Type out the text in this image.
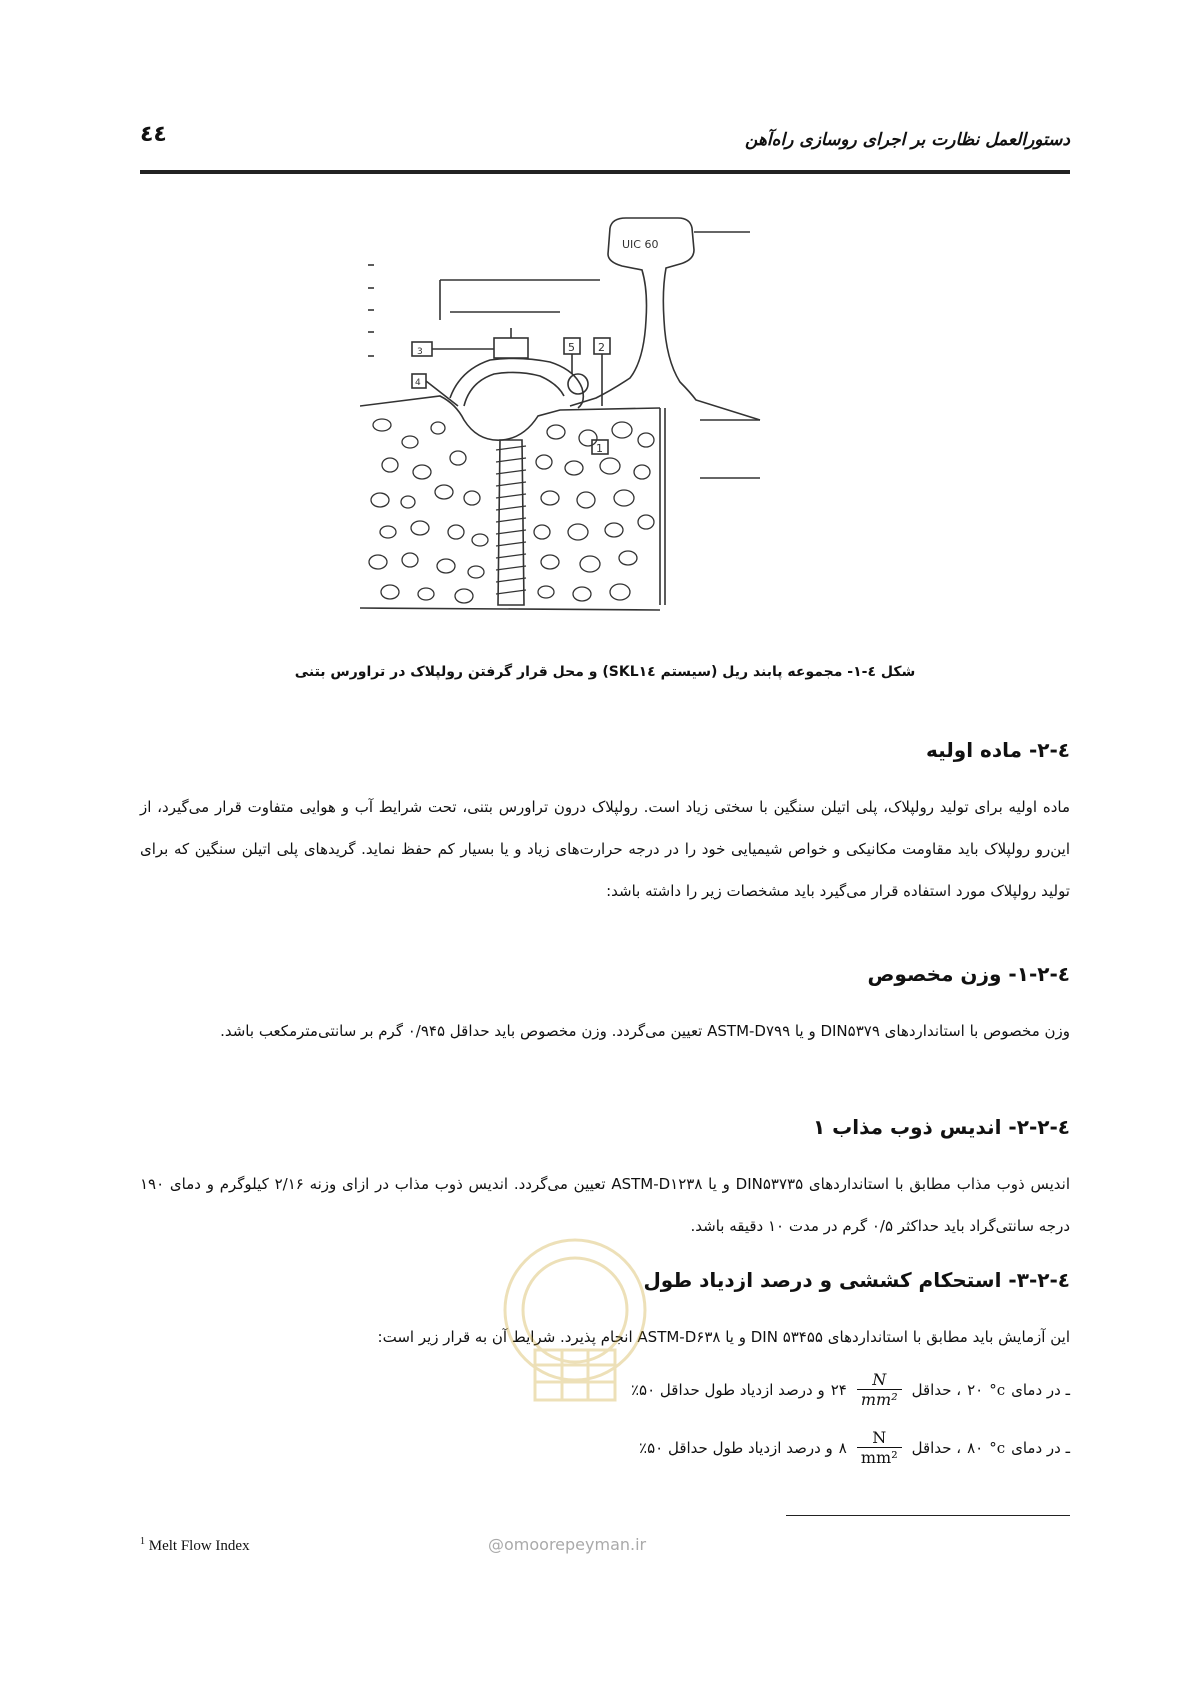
دستورالعمل نظارت بر اجرای روسازی راه‌آهن
٤٤
UIC 60
1
2
3
4
5
شکل ٤-١- مجموعه پابند ریل (سیستم SKL١٤) و محل قرار گرفتن رولپلاک در تراورس بتنی
٤-٢- ماده اولیه
ماده اولیه برای تولید رولپلاک، پلی اتیلن سنگین با سختی زیاد است. رولپلاک درون تراورس بتنی، تحت شرایط آب و هوایی متفاوت قرار می‌گیرد، از این‌رو رولپلاک باید مقاومت مکانیکی و خواص شیمیایی خود را در درجه حرارت‌های زیاد و یا بسیار کم حفظ نماید. گریدهای پلی اتیلن سنگین که برای تولید رولپلاک مورد استفاده قرار می‌گیرد باید مشخصات زیر را داشته باشد:
٤-٢-١- وزن مخصوص
وزن مخصوص با استانداردهای DIN۵۳۷۹ و یا ASTM-D۷۹۹ تعیین می‌گردد. وزن مخصوص باید حداقل ۰/۹۴۵ گرم بر سانتی‌مترمکعب باشد.
٤-٢-٢- اندیس ذوب مذاب ١
اندیس ذوب مذاب مطابق با استانداردهای DIN۵۳۷۳۵ و یا ASTM-D۱۲۳۸ تعیین می‌گردد. اندیس ذوب مذاب در ازای وزنه ۲/۱۶ کیلوگرم و دمای ۱۹۰ درجه سانتی‌گراد باید حداکثر ۰/۵ گرم در مدت ۱۰ دقیقه باشد.
٤-٢-٣- استحکام کششی و درصد ازدیاد طول
این آزمایش باید مطابق با استانداردهای DIN ۵۳۴۵۵ و یا ASTM-D۶۳۸ انجام پذیرد. شرایط آن به قرار زیر است:
ـ در دمای
°c
۲۰
، حداقل
$\frac{N}{\text{mm²}}$
۲۴
و درصد ازدیاد طول حداقل ۵۰٪
ـ در دمای
°c
۸۰
، حداقل
$\frac{N}{\text{mm²}}$
۸
و درصد ازدیاد طول حداقل ۵۰٪
$^1$ Melt Flow Index	@omoorepeyman.ir
